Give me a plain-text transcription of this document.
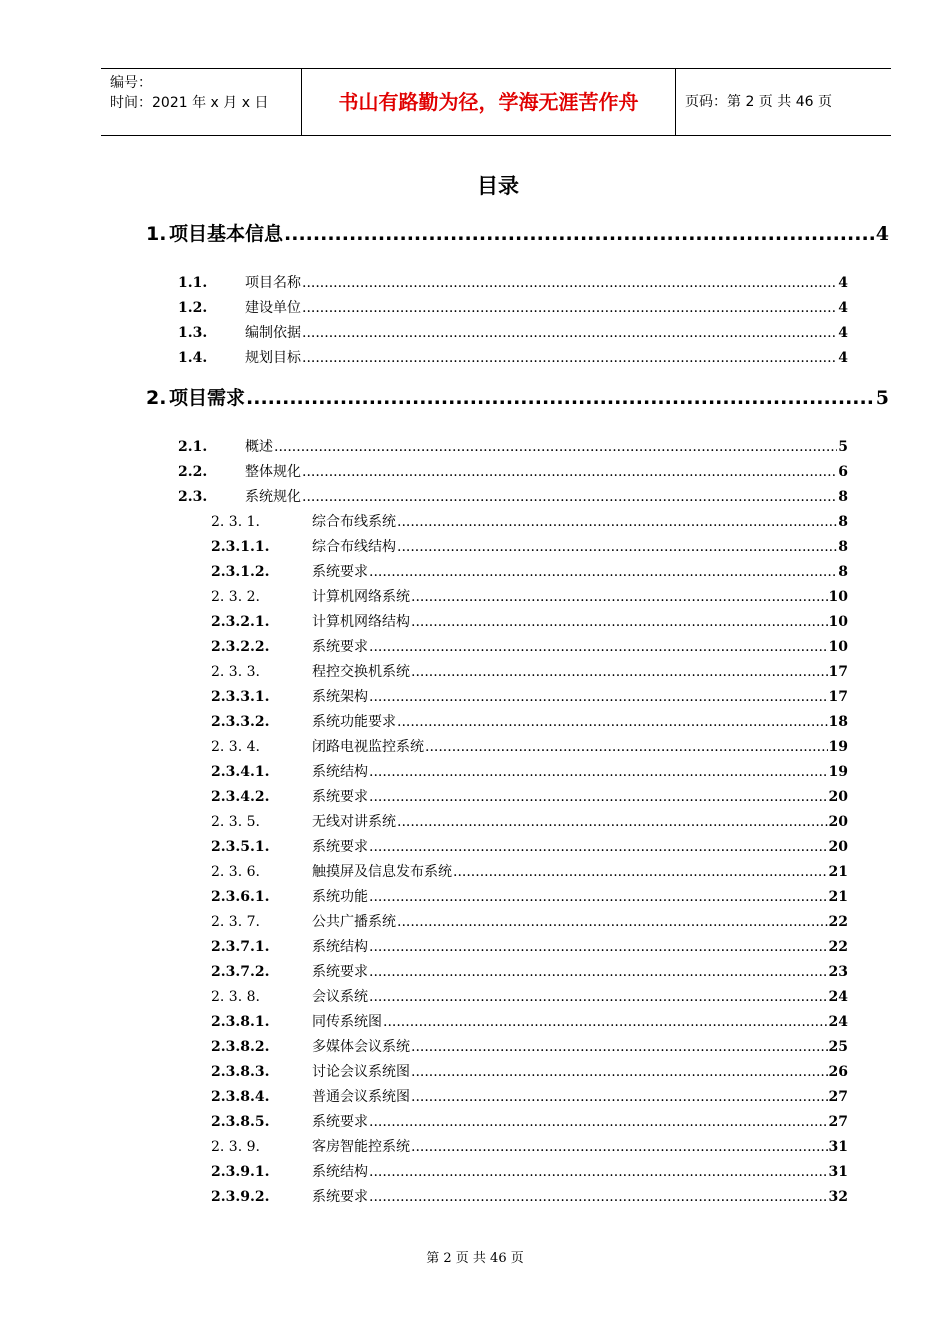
编号：
时间：2021 年 x 月 x 日	书山有路勤为径，学海无涯苦作舟	页码：第 2 页 共 46 页
目录
1. 项目基本信息 .....	4
1.1.	项目名称 .....	4
1.2.	建设单位 .....	4
1.3.	编制依据 .....	4
1.4.	规划目标 .....	4
2. 项目需求 .....	5
2.1.	概述 .....	5
2.2.	整体规化 .....	6
2.3.	系统规化 .....	8
2. 3. 1.	综合布线系统 .....	8
2.3.1.1.	综合布线结构 .....	8
2.3.1.2.	系统要求 .....	8
2. 3. 2.	计算机网络系统 .....	10
2.3.2.1.	计算机网络结构 .....	10
2.3.2.2.	系统要求 .....	10
2. 3. 3.	程控交换机系统 .....	17
2.3.3.1.	系统架构 .....	17
2.3.3.2.	系统功能要求 .....	18
2. 3. 4.	闭路电视监控系统 .....	19
2.3.4.1.	系统结构 .....	19
2.3.4.2.	系统要求 .....	20
2. 3. 5.	无线对讲系统 .....	20
2.3.5.1.	系统要求 .....	20
2. 3. 6.	触摸屏及信息发布系统 .....	21
2.3.6.1.	系统功能 .....	21
2. 3. 7.	公共广播系统 .....	22
2.3.7.1.	系统结构 .....	22
2.3.7.2.	系统要求 .....	23
2. 3. 8.	会议系统 .....	24
2.3.8.1.	同传系统图 .....	24
2.3.8.2.	多媒体会议系统 .....	25
2.3.8.3.	讨论会议系统图 .....	26
2.3.8.4.	普通会议系统图 .....	27
2.3.8.5.	系统要求 .....	27
2. 3. 9.	客房智能控系统 .....	31
2.3.9.1.	系统结构 .....	31
2.3.9.2.	系统要求 .....	32
第 2 页 共 46 页
